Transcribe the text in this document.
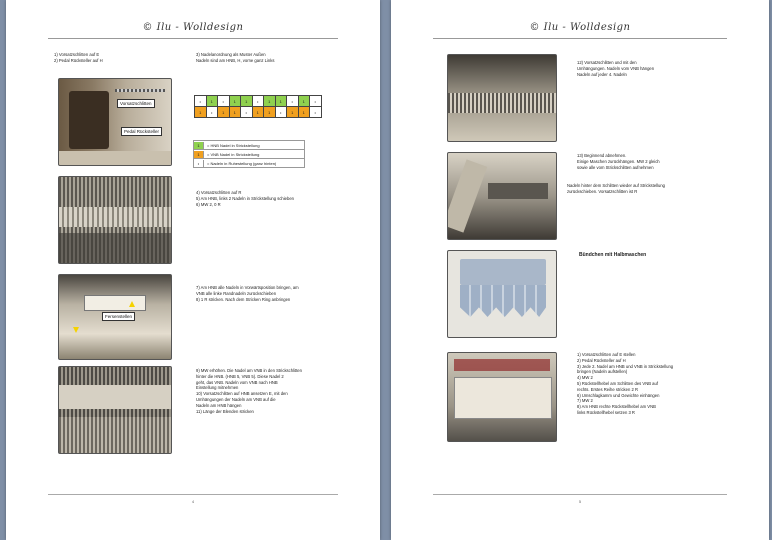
© Ilu - Wolldesign
1) Vorsatzschlitten auf E
2) Pedal Rücksteller auf H
3) Nadelanordnung als Muster Außen
Nadeln sind am HNB, H, vorne ganz Links
Vorsatzschlitten
Pedal Rücksteller
•	1	•	1	1	•	1	1	•	1	•
1	•	1	1	•	1	1	•	1	1	•
1	= HNB Nadel in Strickstellung
1	= VNB Nadel in Strickstellung
•	= Nadeln in Ruhestellung (ganz hinten)
4) Vorsatzschlitten auf R
5) Am HNB, links 2 Nadeln in Strickstellung schieben
6) MW 2, 0 R
Fersenstellen
7) Am HNB alle Nadeln in Vorwärtsposition bringen, am
VNB alle linke Randnadeln zurückschieben
8) 1 R stricken. Nach dem Stricken Ring anbringen
9) MW erhöhen. Die Nadel am VNB in den Strickschlitten
hinter die HNB. (HNB 5, VNB 5). Diese Nadel 2
geht, das VNB. Nadeln vom VNB nach HNB
Einstellung mitnehmen
10) Vorsatzschlitten auf HNB ansetzen E, mit den
Umhängungen der Nadeln am VNB auf die
Nadeln am HNB hängen
11) Länge der Blenden stricken
4
© Ilu - Wolldesign
12) Vorsatzschlitten und mit den
Umhängungen. Nadeln vom VNB hängen
Nadeln auf jeder 4. Nadeln
13) Beginnend abnehmen.
Einige Maschen zurückhängen. MW 2 gleich
sowie alle vom Strickschlitten aufnehmen
Nadeln hinter dem Schlitten wieder auf Strickstellung
zurückschieben. Vorsatzschlitten ist R
Bündchen mit Halbmaschen
1) Vorsatzschlitten auf E stellen
2) Pedal Rücksteller auf H
3) Jede 2. Nadel am HNB und VNB in Strickstellung
bringen (Nadeln aufstellen)
4) MW 2
5) Rückstellhebel am Schlitten des VNB auf
rechts. Erstes Reihe stricken 2 R
6) Umschlagkamm und Gewichte einhängen
7) MW 2
8) Am HNB rechte Rückstellhebel am VNB
links Rückstellhebel setzen 3 R
5
